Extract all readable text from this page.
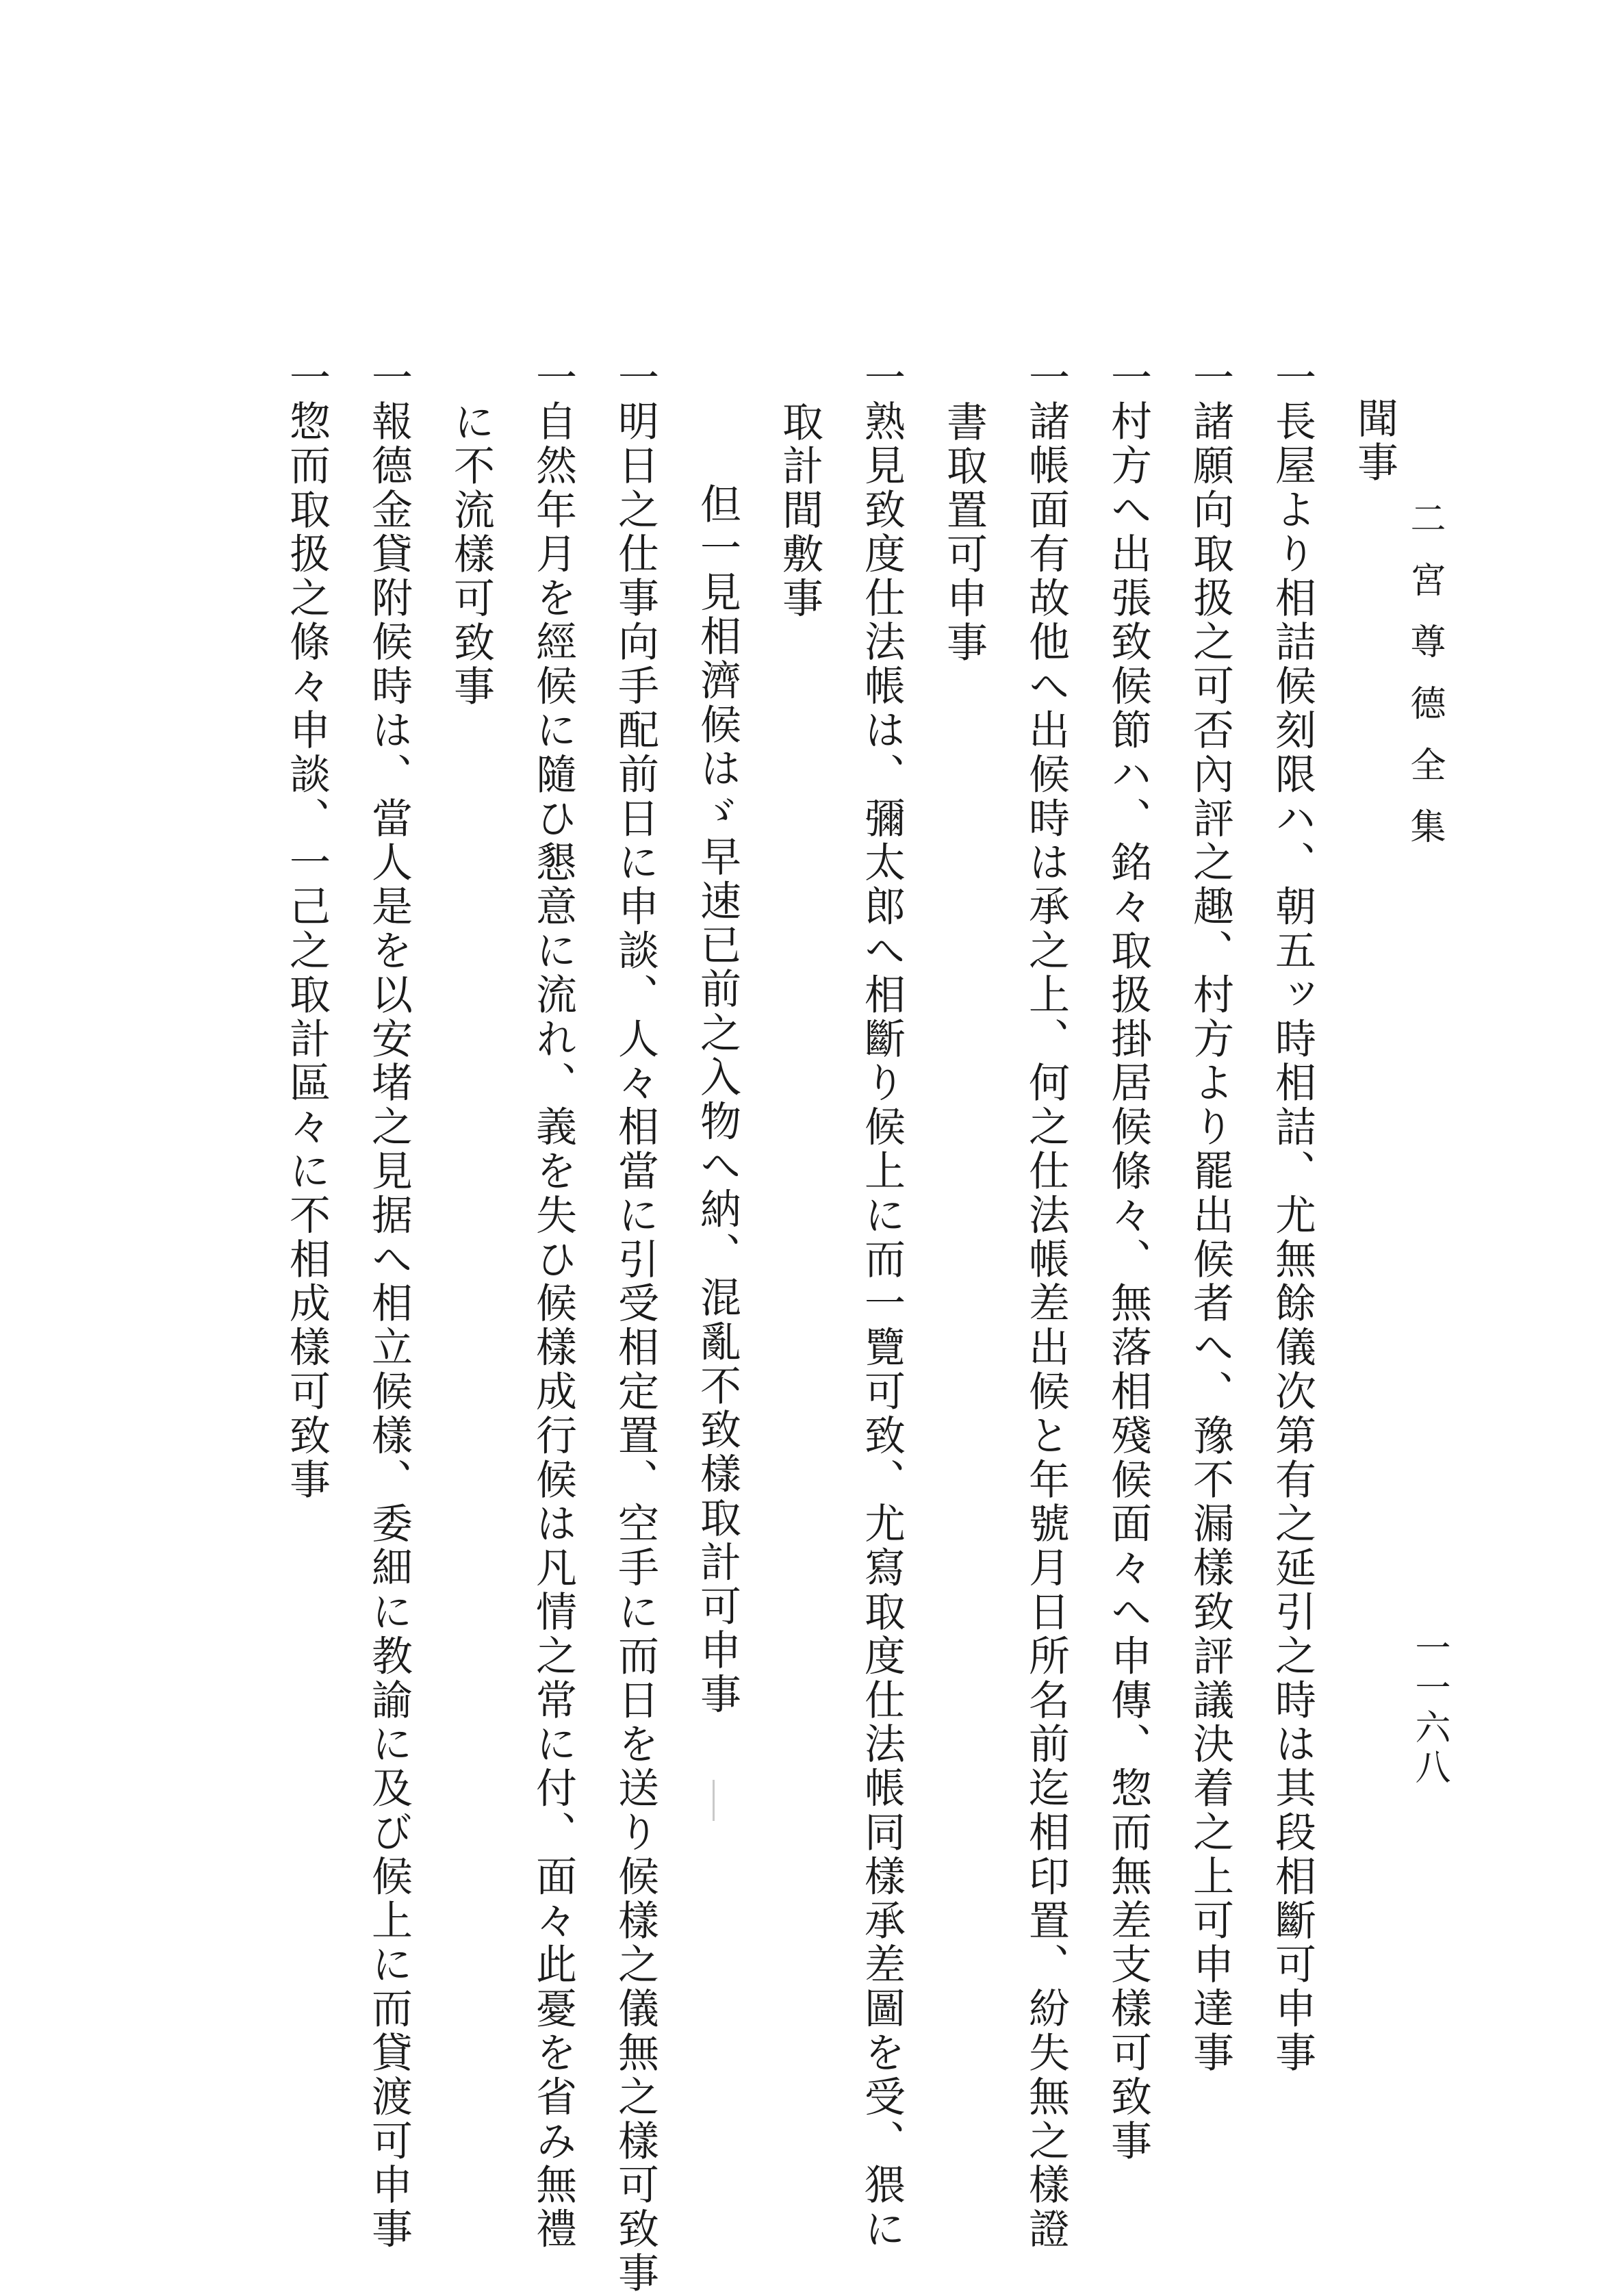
二宮尊德全集
一一六八
聞事
一長屋より相詰候刻限ハ、朝五ッ時相詰、尤無餘儀次第有之延引之時は其段相斷可申事
一諸願向取扱之可否內評之趣、村方より罷出候者へ、豫不漏樣致評議決着之上可申達事
一村方へ出張致候節ハ、銘々取扱掛居候條々、無落相殘候面々へ申傳、惣而無差支樣可致事
一諸帳面有故他へ出候時は承之上、何之仕法帳差出候と年號月日所名前迄相印置、紛失無之樣證
書取置可申事
一熟見致度仕法帳は、彌太郎へ相斷り候上に而一覽可致、尤寫取度仕法帳同樣承差圖を受、猥に
取計間敷事
但一見相濟候はゞ早速已前之入物へ納、混亂不致樣取計可申事
一明日之仕事向手配前日に申談、人々相當に引受相定置、空手に而日を送り候樣之儀無之樣可致事
一自然年月を經候に隨ひ懇意に流れ、義を失ひ候樣成行候は凡情之常に付、面々此憂を省み無禮
に不流樣可致事
一報德金貸附候時は、當人是を以安堵之見据へ相立候樣、委細に教諭に及び候上に而貸渡可申事
一惣而取扱之條々申談、一己之取計區々に不相成樣可致事
